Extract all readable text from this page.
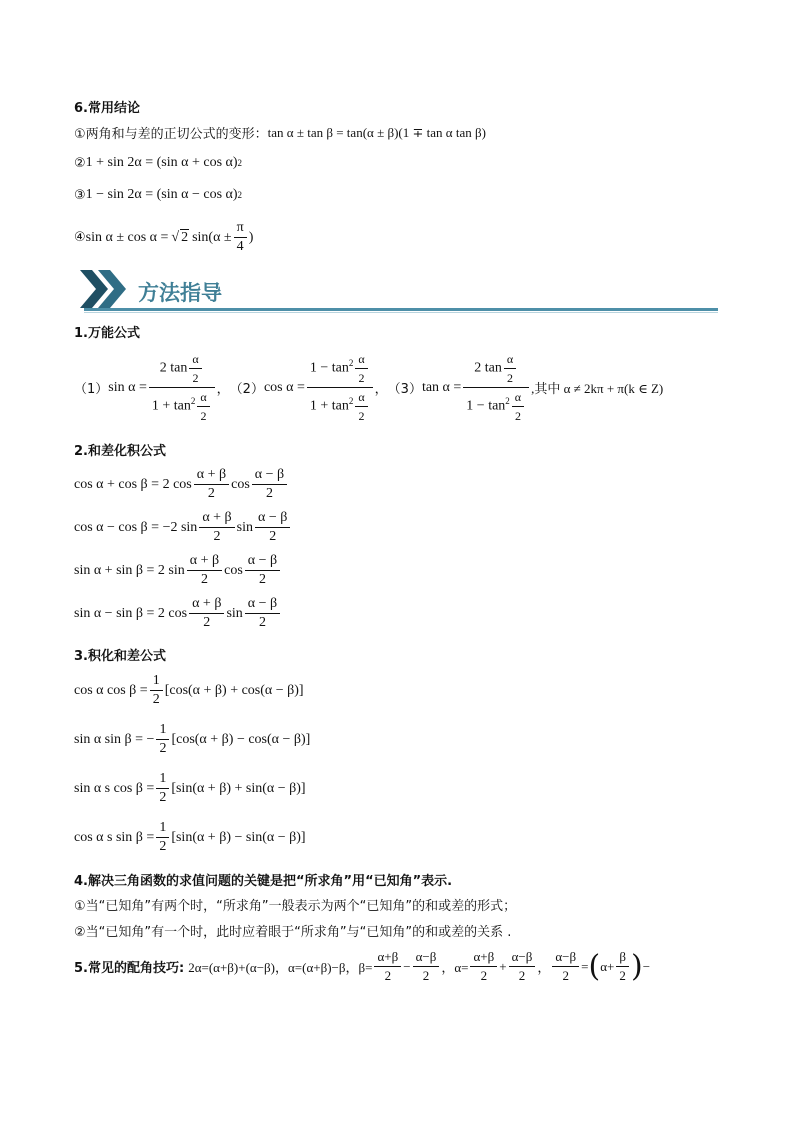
6.常用结论
①两角和与差的正切公式的变形： tan α ± tan β = tan(α ± β)(1 ∓ tan α tan β)
② 1 + sin 2α = (sin α + cos α) 2
③ 1 − sin 2α = (sin α − cos α) 2
④ sin α ± cos α = √ 2 $\sin(\alpha \pm \frac{\pi}{4}$ )
方法指导
1.万能公式
（1） $\sin \alpha = \frac{2 \tan \frac{\alpha}{2}}{1 + \tan^2 \frac{\alpha}{2}}$ ， （2） $\cos \alpha = \frac{1 - \tan^2 \frac{\alpha}{2}}{1 + \tan^2 \frac{\alpha}{2}}$ ， （3） $\tan \alpha = \frac{2 \tan \frac{\alpha}{2}}{1 - \tan^2 \frac{\alpha}{2}}$ ,其中 α ≠ 2kπ + π(k ∈ Z)
2.和差化积公式
cos α + cos β = 2 $\cos \frac{\alpha + \beta}{2}$ $\cos \frac{\alpha - \beta}{2}$
cos α − cos β = −2 $\sin \frac{\alpha + \beta}{2}$ $\sin \frac{\alpha - \beta}{2}$
sin α + sin β = 2 $\sin \frac{\alpha + \beta}{2}$ $\cos \frac{\alpha - \beta}{2}$
sin α − sin β = 2 $\cos \frac{\alpha + \beta}{2}$ $\sin \frac{\alpha - \beta}{2}$
3.积化和差公式
cos α $\cos \beta = \frac{1}{2} [\cos(\alpha + \beta) + \cos(\alpha - \beta)]$
sin α sin β = − $\frac{1}{2} [\cos(\alpha + \beta) - \cos(\alpha - \beta)]$
sin α s $\cos \beta = \frac{1}{2} [\sin(\alpha + \beta) + \sin(\alpha - \beta)]$
cos α s $\sin \beta = \frac{1}{2} [\sin(\alpha + \beta) - \sin(\alpha - \beta)]$
4.解决三角函数的求值问题的关键是把“所求角”用“已知角”表示.
①当“已知角”有两个时，“所求角”一般表示为两个“已知角”的和或差的形式；
②当“已知角”有一个时，此时应着眼于“所求角”与“已知角”的和或差的关系 .
5.常见的配角技巧: 2α=(α+β)+(α−β)，α=(α+β)−β，$\beta= \frac{\alpha+\beta}{2} - \frac{\alpha-\beta}{2}$ ，$\alpha= \frac{\alpha+\beta}{2} + \frac{\alpha-\beta}{2}$ ， $\frac{\alpha-\beta}{2}$ = ( $\alpha+ \frac{\beta}{2}$ ) −
